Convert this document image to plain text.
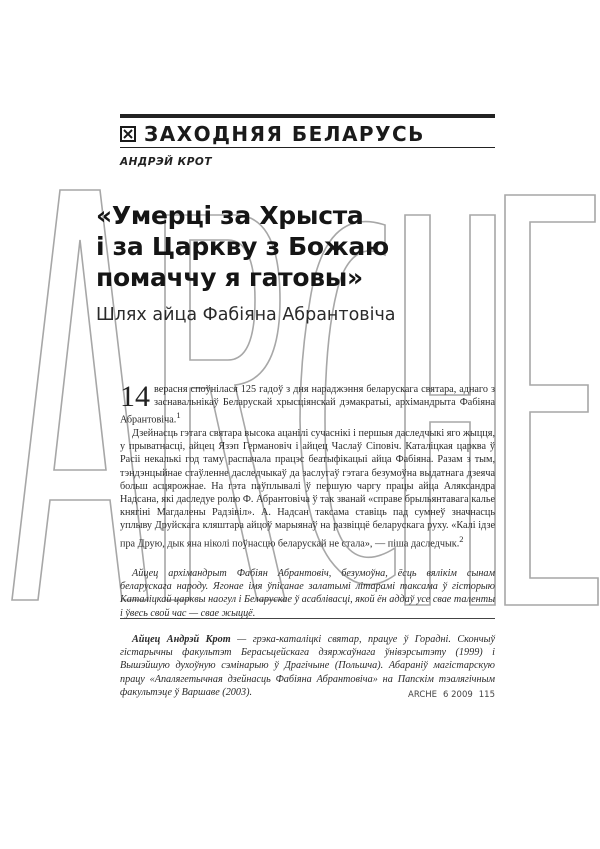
ЗАХОДНЯЯ БЕЛАРУСЬ
АНДРЭЙ КРОТ
«Умерці за Хрыста
і за Царкву з Божаю
помаччу я гатовы»
Шлях айца Фабіяна Абрантовіча

14 верасня споўнілася 125 гадоў з дня нараджэння беларускага святара, аднаго з заснавальнікаў Беларускай хрысціянскай дэмакратыі, архімандрыта Фабіяна Абрантовіча.$^1$

Дзейнасць гэтага святара высока ацанілі сучаснікі і першыя даследчыкі яго жыцця, у прыватнасці, айцец Язэп Германовіч і айцец Часлаў Сіповіч. Каталіцкая царква ў Расіі некалькі год таму распачала працэс беатыфікацыі айца Фабіяна. Разам з тым, тэндэнцыйнае стаўленне даследчыкаў да заслугаў гэтага безумоўна выдатнага дзеяча больш асцярожнае. На гэта паўплывалі ў першую чаргу працы айца Аляксандра Надсана, які даследуе ролю Ф. Абрантовіча ў так званай «справе брыльянтавага калье княгіні Магдалены Радзівіл». А. Надсан таксама ставіць пад сумнеў значнасць уплыву Друйскага кляштара айцоў марыянаў на развіццё беларускага руху. «Калі ідзе пра Друю, дык яна ніколі поўнасцю беларускай не стала», — піша даследчык.$^2$

Айцец архімандрыт Фабіян Абрантовіч, безумоўна, ёсць вялікім сынам беларускага народу. Ягонае імя ўпісанае залатымі літарамі таксама ў гісторыю Каталіцкай царквы наогул і Беларускае ў асаблівасці, якой ён аддаў усе свае таленты і ўвесь свой час — свае жыццё.
Айцец Андрэй Крот — грэка-каталіцкі святар, працуе ў Горадні. Скончыў гістарычны факультэт Берасьцейскага дзяржаўнага ўнівэрсытэту (1999) і Вышэйшую духоўную сэмінарыю ў Драгічыне (Польшча). Абараніў магістарскую працу «Апалягетычная дзейнасць Фабіяна Абрантовіча» на Папскім тэалягічным факультэце ў Варшаве (2003).	ARCHE 6 2009 115
